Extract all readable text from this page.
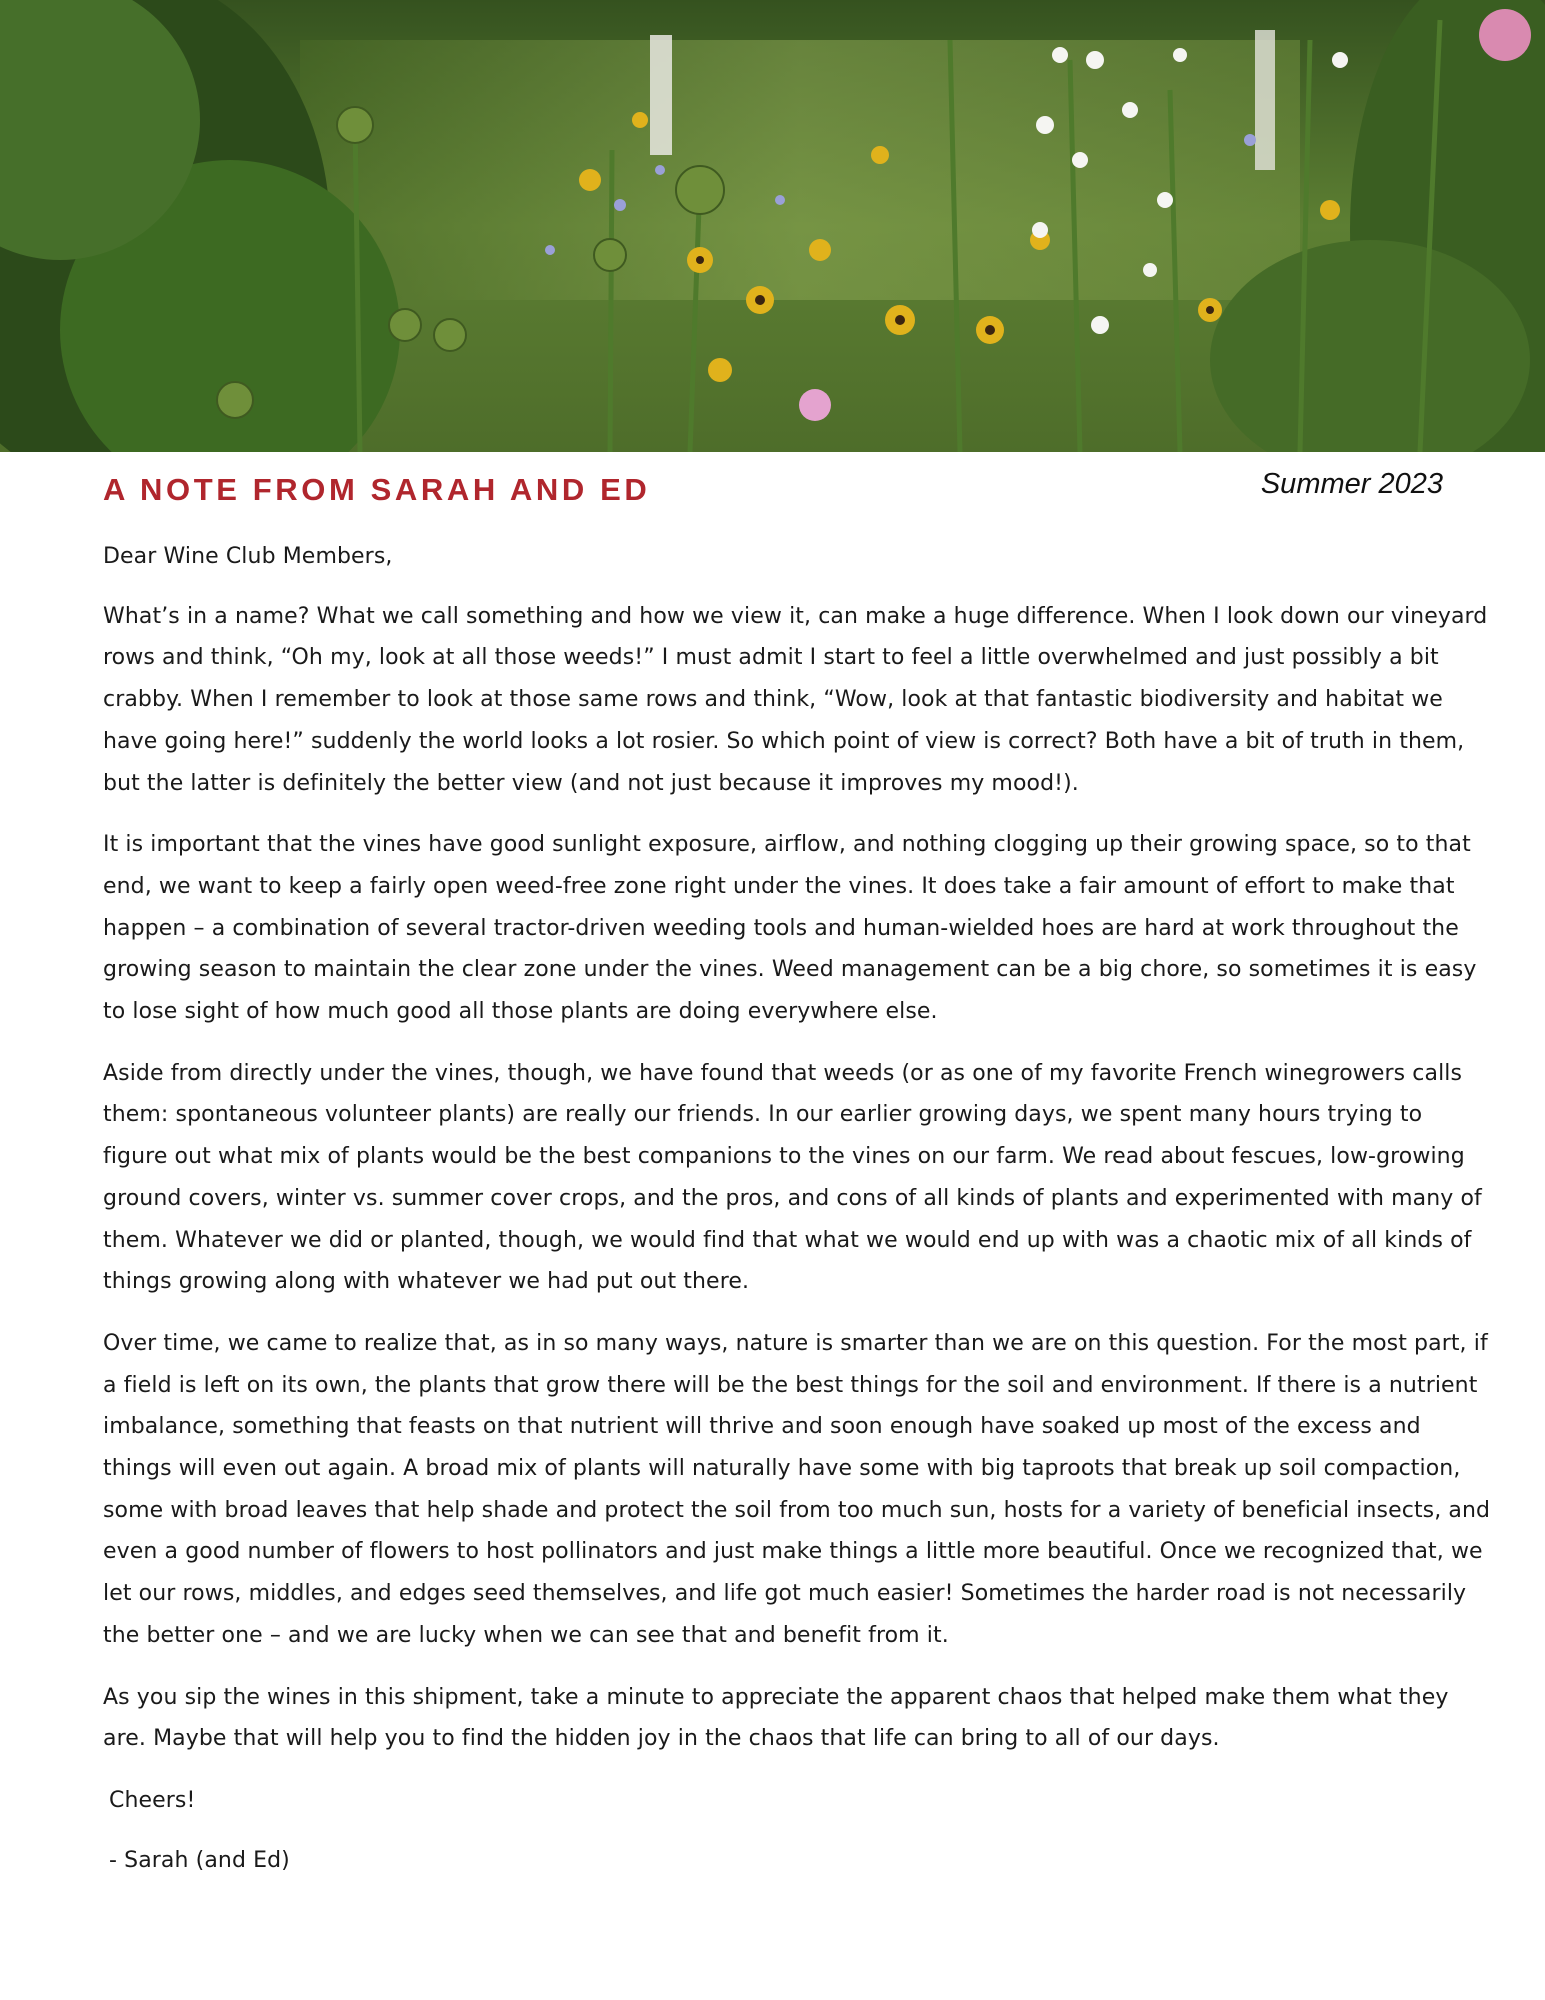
A NOTE FROM SARAH AND ED	Summer 2023

Dear Wine Club Members,

What’s in a name? What we call something and how we view it, can make a huge difference. When I look down our vineyard rows and think, “Oh my, look at all those weeds!” I must admit I start to feel a little overwhelmed and just possibly a bit crabby. When I remember to look at those same rows and think, “Wow, look at that fantastic biodiversity and habitat we have going here!” suddenly the world looks a lot rosier. So which point of view is correct? Both have a bit of truth in them, but the latter is definitely the better view (and not just because it improves my mood!).

It is important that the vines have good sunlight exposure, airflow, and nothing clogging up their growing space, so to that end, we want to keep a fairly open weed-free zone right under the vines. It does take a fair amount of effort to make that happen – a combination of several tractor-driven weeding tools and human-wielded hoes are hard at work throughout the growing season to maintain the clear zone under the vines. Weed management can be a big chore, so sometimes it is easy to lose sight of how much good all those plants are doing everywhere else.

Aside from directly under the vines, though, we have found that weeds (or as one of my favorite French winegrowers calls them: spontaneous volunteer plants) are really our friends. In our earlier growing days, we spent many hours trying to figure out what mix of plants would be the best companions to the vines on our farm. We read about fescues, low-growing ground covers, winter vs. summer cover crops, and the pros, and cons of all kinds of plants and experimented with many of them. Whatever we did or planted, though, we would find that what we would end up with was a chaotic mix of all kinds of things growing along with whatever we had put out there.

Over time, we came to realize that, as in so many ways, nature is smarter than we are on this question. For the most part, if a field is left on its own, the plants that grow there will be the best things for the soil and environment. If there is a nutrient imbalance, something that feasts on that nutrient will thrive and soon enough have soaked up most of the excess and things will even out again. A broad mix of plants will naturally have some with big taproots that break up soil compaction, some with broad leaves that help shade and protect the soil from too much sun, hosts for a variety of beneficial insects, and even a good number of flowers to host pollinators and just make things a little more beautiful. Once we recognized that, we let our rows, middles, and edges seed themselves, and life got much easier! Sometimes the harder road is not necessarily the better one – and we are lucky when we can see that and benefit from it.

As you sip the wines in this shipment, take a minute to appreciate the apparent chaos that helped make them what they are. Maybe that will help you to find the hidden joy in the chaos that life can bring to all of our days.

Cheers!

- Sarah (and Ed)
